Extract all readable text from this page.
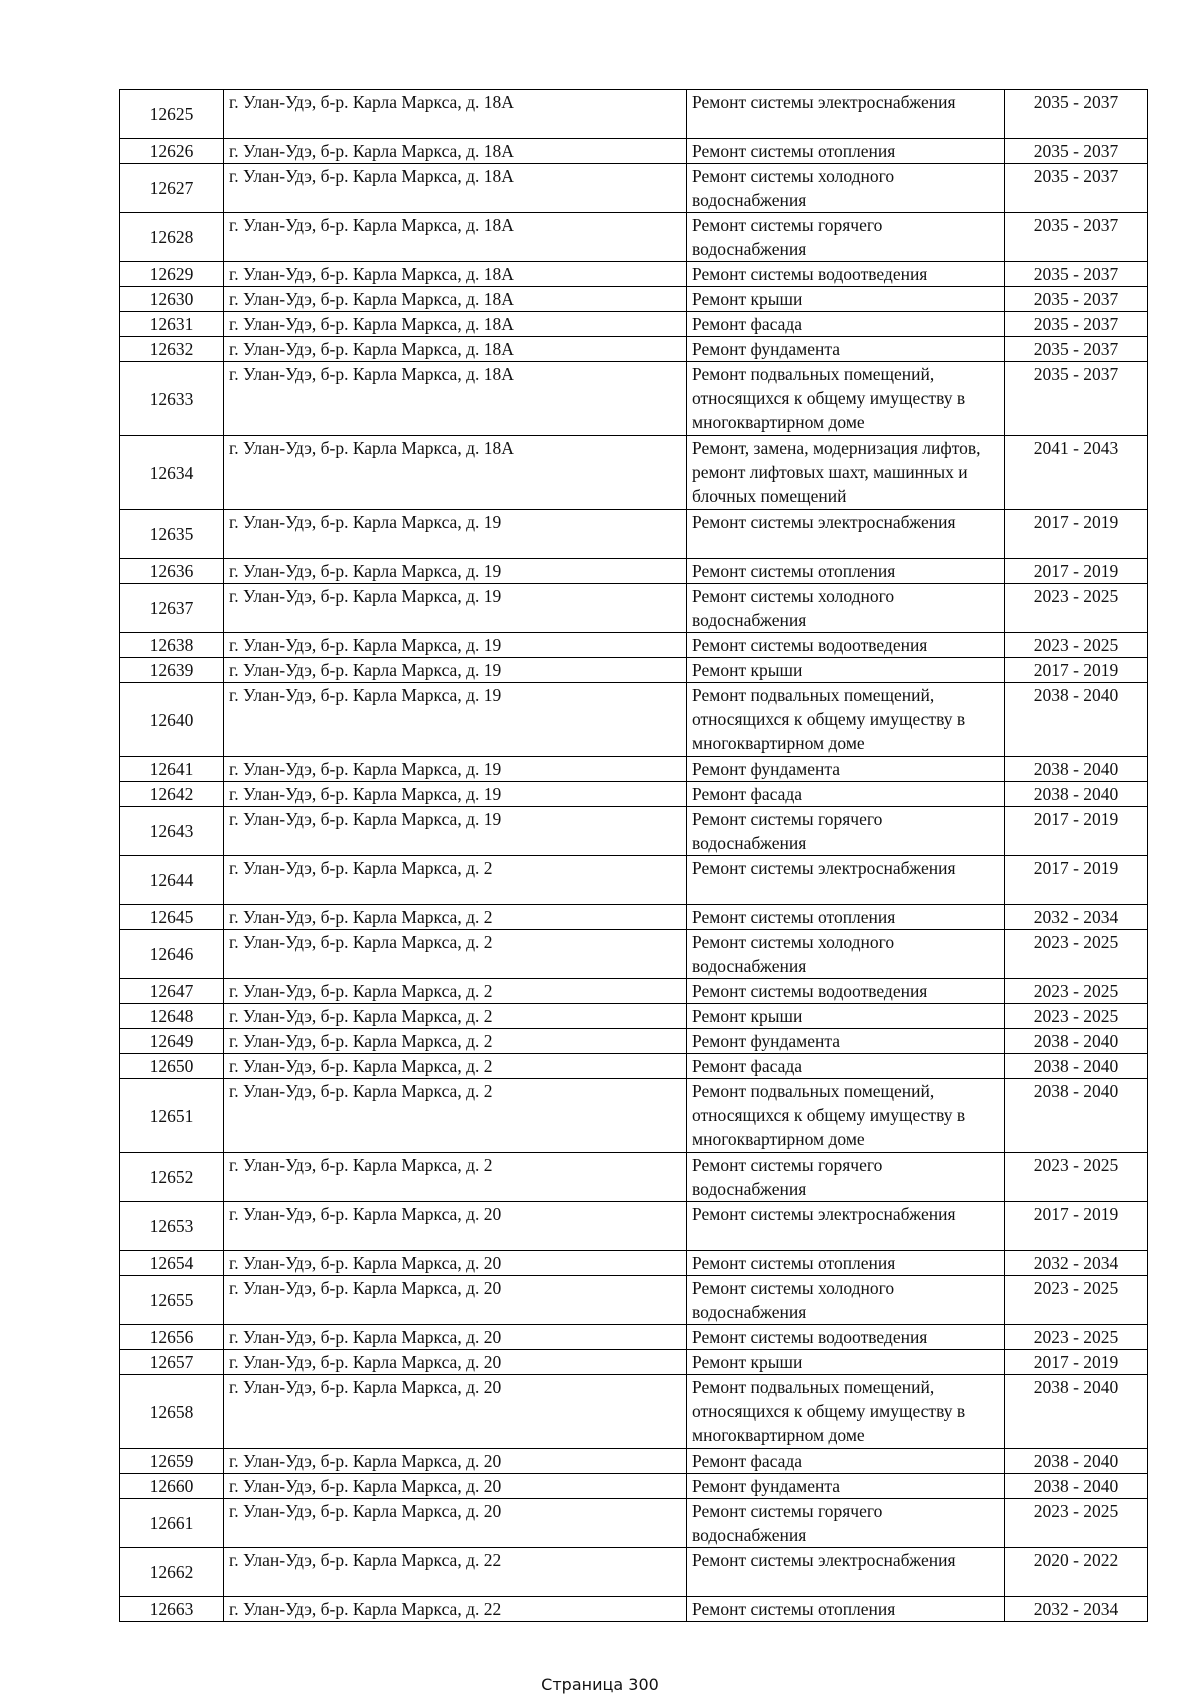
12625	г. Улан-Удэ, б-р. Карла Маркса, д. 18А	Ремонт системы электроснабжения	2035 - 2037
12626	г. Улан-Удэ, б-р. Карла Маркса, д. 18А	Ремонт системы отопления	2035 - 2037
12627	г. Улан-Удэ, б-р. Карла Маркса, д. 18А	Ремонт системы холодного водоснабжения	2035 - 2037
12628	г. Улан-Удэ, б-р. Карла Маркса, д. 18А	Ремонт системы горячего водоснабжения	2035 - 2037
12629	г. Улан-Удэ, б-р. Карла Маркса, д. 18А	Ремонт системы водоотведения	2035 - 2037
12630	г. Улан-Удэ, б-р. Карла Маркса, д. 18А	Ремонт крыши	2035 - 2037
12631	г. Улан-Удэ, б-р. Карла Маркса, д. 18А	Ремонт фасада	2035 - 2037
12632	г. Улан-Удэ, б-р. Карла Маркса, д. 18А	Ремонт фундамента	2035 - 2037
12633	г. Улан-Удэ, б-р. Карла Маркса, д. 18А	Ремонт подвальных помещений, относящихся к общему имуществу в многоквартирном доме	2035 - 2037
12634	г. Улан-Удэ, б-р. Карла Маркса, д. 18А	Ремонт, замена, модернизация лифтов, ремонт лифтовых шахт, машинных и блочных помещений	2041 - 2043
12635	г. Улан-Удэ, б-р. Карла Маркса, д. 19	Ремонт системы электроснабжения	2017 - 2019
12636	г. Улан-Удэ, б-р. Карла Маркса, д. 19	Ремонт системы отопления	2017 - 2019
12637	г. Улан-Удэ, б-р. Карла Маркса, д. 19	Ремонт системы холодного водоснабжения	2023 - 2025
12638	г. Улан-Удэ, б-р. Карла Маркса, д. 19	Ремонт системы водоотведения	2023 - 2025
12639	г. Улан-Удэ, б-р. Карла Маркса, д. 19	Ремонт крыши	2017 - 2019
12640	г. Улан-Удэ, б-р. Карла Маркса, д. 19	Ремонт подвальных помещений, относящихся к общему имуществу в многоквартирном доме	2038 - 2040
12641	г. Улан-Удэ, б-р. Карла Маркса, д. 19	Ремонт фундамента	2038 - 2040
12642	г. Улан-Удэ, б-р. Карла Маркса, д. 19	Ремонт фасада	2038 - 2040
12643	г. Улан-Удэ, б-р. Карла Маркса, д. 19	Ремонт системы горячего водоснабжения	2017 - 2019
12644	г. Улан-Удэ, б-р. Карла Маркса, д. 2	Ремонт системы электроснабжения	2017 - 2019
12645	г. Улан-Удэ, б-р. Карла Маркса, д. 2	Ремонт системы отопления	2032 - 2034
12646	г. Улан-Удэ, б-р. Карла Маркса, д. 2	Ремонт системы холодного водоснабжения	2023 - 2025
12647	г. Улан-Удэ, б-р. Карла Маркса, д. 2	Ремонт системы водоотведения	2023 - 2025
12648	г. Улан-Удэ, б-р. Карла Маркса, д. 2	Ремонт крыши	2023 - 2025
12649	г. Улан-Удэ, б-р. Карла Маркса, д. 2	Ремонт фундамента	2038 - 2040
12650	г. Улан-Удэ, б-р. Карла Маркса, д. 2	Ремонт фасада	2038 - 2040
12651	г. Улан-Удэ, б-р. Карла Маркса, д. 2	Ремонт подвальных помещений, относящихся к общему имуществу в многоквартирном доме	2038 - 2040
12652	г. Улан-Удэ, б-р. Карла Маркса, д. 2	Ремонт системы горячего водоснабжения	2023 - 2025
12653	г. Улан-Удэ, б-р. Карла Маркса, д. 20	Ремонт системы электроснабжения	2017 - 2019
12654	г. Улан-Удэ, б-р. Карла Маркса, д. 20	Ремонт системы отопления	2032 - 2034
12655	г. Улан-Удэ, б-р. Карла Маркса, д. 20	Ремонт системы холодного водоснабжения	2023 - 2025
12656	г. Улан-Удэ, б-р. Карла Маркса, д. 20	Ремонт системы водоотведения	2023 - 2025
12657	г. Улан-Удэ, б-р. Карла Маркса, д. 20	Ремонт крыши	2017 - 2019
12658	г. Улан-Удэ, б-р. Карла Маркса, д. 20	Ремонт подвальных помещений, относящихся к общему имуществу в многоквартирном доме	2038 - 2040
12659	г. Улан-Удэ, б-р. Карла Маркса, д. 20	Ремонт фасада	2038 - 2040
12660	г. Улан-Удэ, б-р. Карла Маркса, д. 20	Ремонт фундамента	2038 - 2040
12661	г. Улан-Удэ, б-р. Карла Маркса, д. 20	Ремонт системы горячего водоснабжения	2023 - 2025
12662	г. Улан-Удэ, б-р. Карла Маркса, д. 22	Ремонт системы электроснабжения	2020 - 2022
12663	г. Улан-Удэ, б-р. Карла Маркса, д. 22	Ремонт системы отопления	2032 - 2034
Страница 300
